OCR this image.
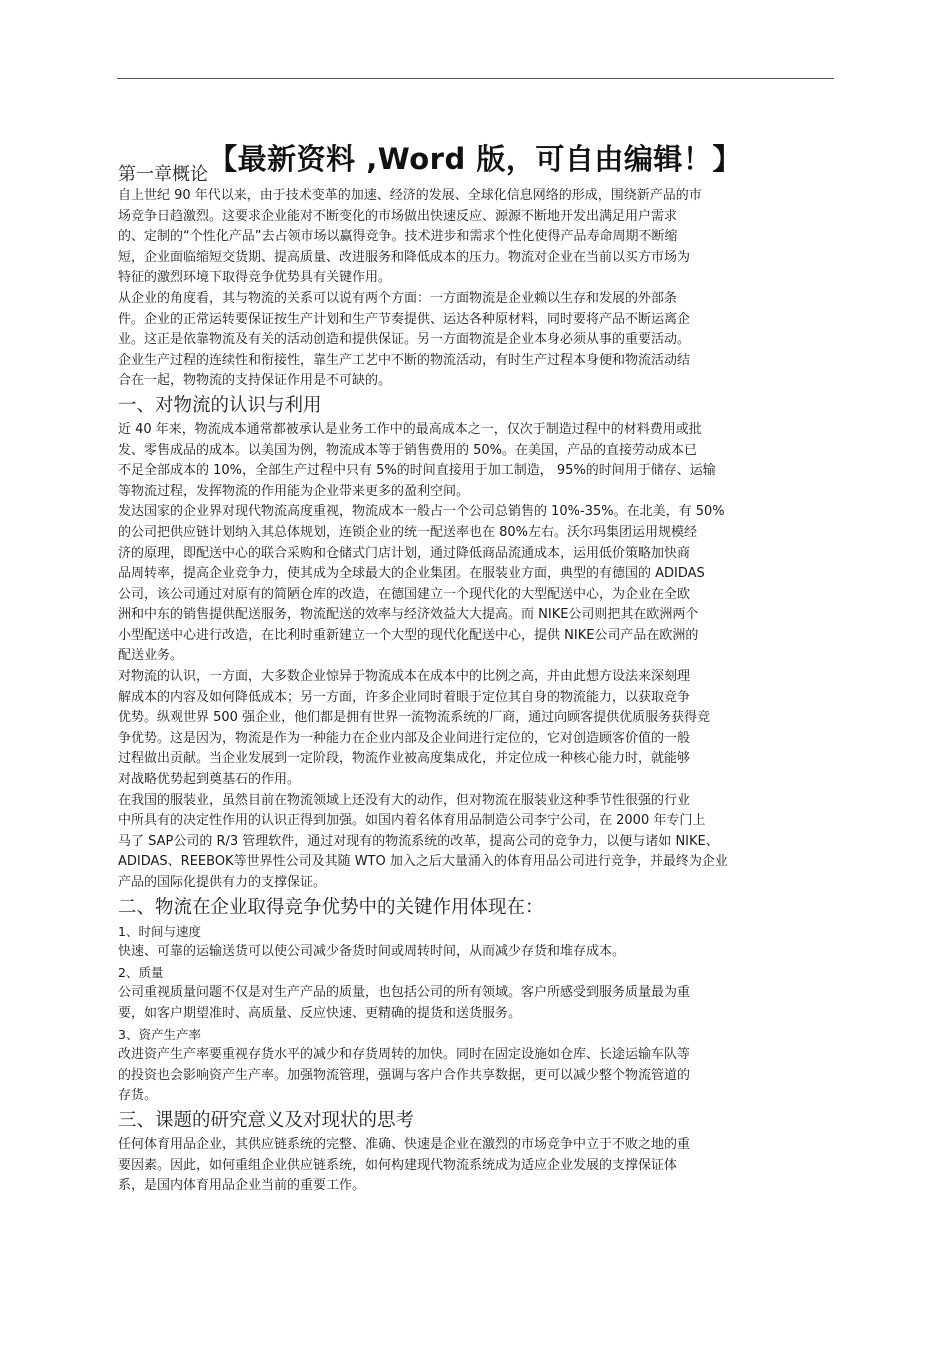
第一章概论 【最新资料 ,Word 版，可自由编辑！】
自上世纪 90 年代以来，由于技术变革的加速、经济的发展、全球化信息网络的形成，围绕新产品的市
场竞争日趋激烈。这要求企业能对不断变化的市场做出快速反应、源源不断地开发出满足用户需求
的、定制的“个性化产品”去占领市场以赢得竞争。技术进步和需求个性化使得产品寿命周期不断缩
短，企业面临缩短交货期、提高质量、改进服务和降低成本的压力。物流对企业在当前以买方市场为
特征的激烈环境下取得竞争优势具有关键作用。
从企业的角度看，其与物流的关系可以说有两个方面：一方面物流是企业赖以生存和发展的外部条
件。企业的正常运转要保证按生产计划和生产节奏提供、运达各种原材料，同时要将产品不断运离企
业。这正是依靠物流及有关的活动创造和提供保证。另一方面物流是企业本身必须从事的重要活动。
企业生产过程的连续性和衔接性，靠生产工艺中不断的物流活动，有时生产过程本身便和物流活动结
合在一起，物物流的支持保证作用是不可缺的。
一、对物流的认识与利用
近 40 年来，物流成本通常都被承认是业务工作中的最高成本之一，仅次于制造过程中的材料费用或批
发、零售成品的成本。以美国为例，物流成本等于销售费用的 50%。在美国，产品的直接劳动成本已
不足全部成本的 10%，全部生产过程中只有 5%的时间直接用于加工制造， 95%的时间用于储存、运输
等物流过程，发挥物流的作用能为企业带来更多的盈利空间。
发达国家的企业界对现代物流高度重视，物流成本一般占一个公司总销售的 10%-35%。在北美，有 50%
的公司把供应链计划纳入其总体规划，连锁企业的统一配送率也在 80%左右。沃尔玛集团运用规模经
济的原理，即配送中心的联合采购和仓储式门店计划，通过降低商品流通成本，运用低价策略加快商
品周转率，提高企业竞争力，使其成为全球最大的企业集团。在服装业方面，典型的有德国的 ADIDAS
公司，该公司通过对原有的简陋仓库的改造，在德国建立一个现代化的大型配送中心，为企业在全欧
洲和中东的销售提供配送服务，物流配送的效率与经济效益大大提高。而 NIKE公司则把其在欧洲两个
小型配送中心进行改造，在比利时重新建立一个大型的现代化配送中心，提供 NIKE公司产品在欧洲的
配送业务。
对物流的认识，一方面，大多数企业惊异于物流成本在成本中的比例之高，并由此想方设法来深刻理
解成本的内容及如何降低成本；另一方面，许多企业同时着眼于定位其自身的物流能力，以获取竞争
优势。纵观世界 500 强企业，他们都是拥有世界一流物流系统的厂商，通过向顾客提供优质服务获得竞
争优势。这是因为，物流是作为一种能力在企业内部及企业间进行定位的，它对创造顾客价值的一般
过程做出贡献。当企业发展到一定阶段，物流作业被高度集成化，并定位成一种核心能力时，就能够
对战略优势起到奠基石的作用。
在我国的服装业，虽然目前在物流领域上还没有大的动作，但对物流在服装业这种季节性很强的行业
中所具有的决定性作用的认识正得到加强。如国内着名体育用品制造公司李宁公司，在 2000 年专门上
马了 SAP公司的 R/3 管理软件，通过对现有的物流系统的改革，提高公司的竞争力，以便与诸如 NIKE、
ADIDAS、REEBOK等世界性公司及其随 WTO 加入之后大量涌入的体育用品公司进行竞争，并最终为企业
产品的国际化提供有力的支撑保证。
二、物流在企业取得竞争优势中的关键作用体现在：
1、时间与速度
快速、可靠的运输送货可以使公司减少备货时间或周转时间，从而减少存货和堆存成本。
2、质量
公司重视质量问题不仅是对生产产品的质量，也包括公司的所有领域。客户所感受到服务质量最为重
要，如客户期望准时、高质量、反应快速、更精确的提货和送货服务。
3、资产生产率
改进资产生产率要重视存货水平的减少和存货周转的加快。同时在固定设施如仓库、长途运输车队等
的投资也会影响资产生产率。加强物流管理，强调与客户合作共享数据，更可以减少整个物流管道的
存货。
三、课题的研究意义及对现状的思考
任何体育用品企业，其供应链系统的完整、准确、快速是企业在激烈的市场竞争中立于不败之地的重
要因素。因此，如何重组企业供应链系统，如何构建现代物流系统成为适应企业发展的支撑保证体
系，是国内体育用品企业当前的重要工作。
